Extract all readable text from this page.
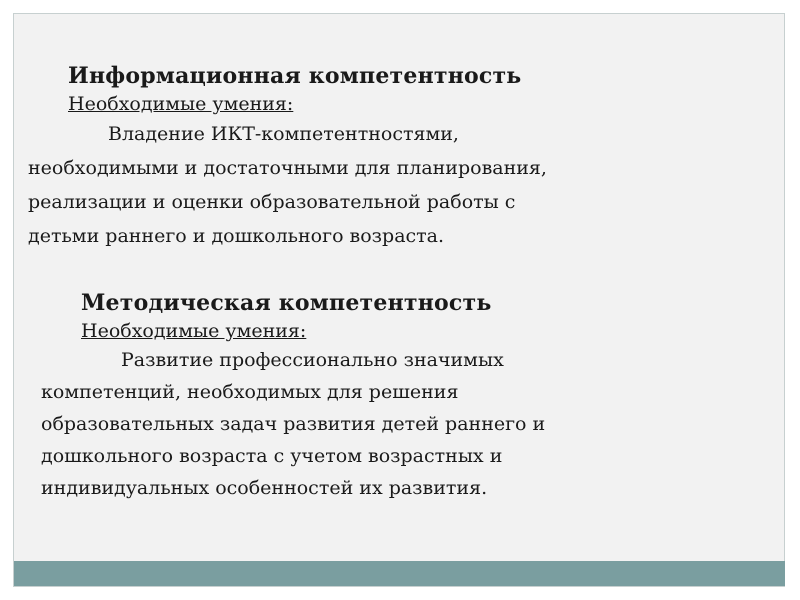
Информационная компетентность

Необходимые умения:

Владение ИКТ-компетентностями,
необходимыми и достаточными для планирования,
реализации и оценки образовательной работы с
детьми раннего и дошкольного возраста.

Методическая компетентность

Необходимые умения:

Развитие профессионально значимых
компетенций, необходимых для решения
образовательных задач развития детей раннего и
дошкольного возраста с учетом возрастных и
индивидуальных особенностей их развития.
